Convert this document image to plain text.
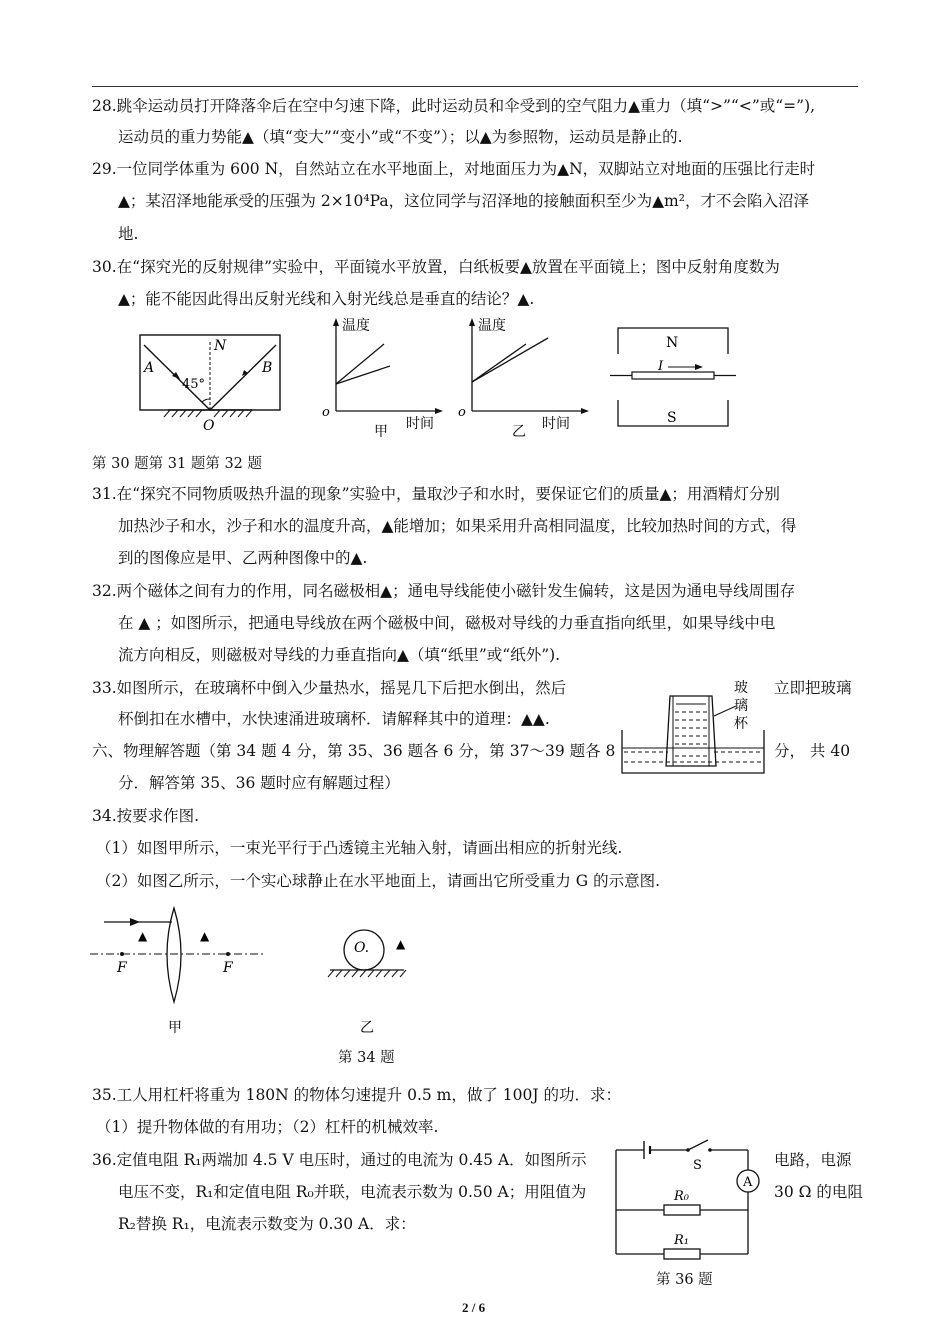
28.跳伞运动员打开降落伞后在空中匀速下降，此时运动员和伞受到的空气阻力▲重力（填“>”“<”或“=”),
运动员的重力势能▲（填“变大”“变小”或“不变”）；以▲为参照物，运动员是静止的.
29.一位同学体重为 600 N，自然站立在水平地面上，对地面压力为▲N，双脚站立对地面的压强比行走时
▲；某沼泽地能承受的压强为 2×10⁴Pa，这位同学与沼泽地的接触面积至少为▲m²，才不会陷入沼泽
地.
30.在“探究光的反射规律”实验中，平面镜水平放置，白纸板要▲放置在平面镜上；图中反射角度数为
▲；能不能因此得出反射光线和入射光线总是垂直的结论？▲.
A	B
N
45°
O
温度
o
时间
甲
温度
o
时间
乙
N
I
S
第 30 题第 31 题第 32 题
31.在“探究不同物质吸热升温的现象”实验中，量取沙子和水时，要保证它们的质量▲；用酒精灯分别
加热沙子和水，沙子和水的温度升高，▲能增加；如果采用升高相同温度，比较加热时间的方式，得
到的图像应是甲、乙两种图像中的▲.
32.两个磁体之间有力的作用，同名磁极相▲；通电导线能使小磁针发生偏转，这是因为通电导线周围存
在 ▲ ；如图所示，把通电导线放在两个磁极中间，磁极对导线的力垂直指向纸里，如果导线中电
流方向相反，则磁极对导线的力垂直指向▲（填“纸里”或“纸外”).
33.如图所示，在玻璃杯中倒入少量热水，摇晃几下后把水倒出，然后	立即把玻璃
杯倒扣在水槽中，水快速涌进玻璃杯．请解释其中的道理：▲▲.
玻
璃
杯
六、物理解答题（第 34 题 4 分，第 35、36 题各 6 分，第 37～39 题各 8	分， 共 40
分．解答第 35、36 题时应有解题过程）
34.按要求作图.
（1）如图甲所示，一束光平行于凸透镜主光轴入射，请画出相应的折射光线.
（2）如图乙所示，一个实心球静止在水平地面上，请画出它所受重力 G 的示意图.
▲	▲
F	F
甲
O. ▲
乙
第 34 题
35.工人用杠杆将重为 180N 的物体匀速提升 0.5 m，做了 100J 的功．求：
（1）提升物体做的有用功；（2）杠杆的机械效率.
36.定值电阻 R₁两端加 4.5 V 电压时，通过的电流为 0.45 A．如图所示	电路，电源
电压不变，R₁和定值电阻 R₀并联，电流表示数为 0.50 A；用阻值为	30 Ω 的电阻
R₂替换 R₁，电流表示数变为 0.30 A．求：
S
A
R₀
R₁
第 36 题
2 / 6
